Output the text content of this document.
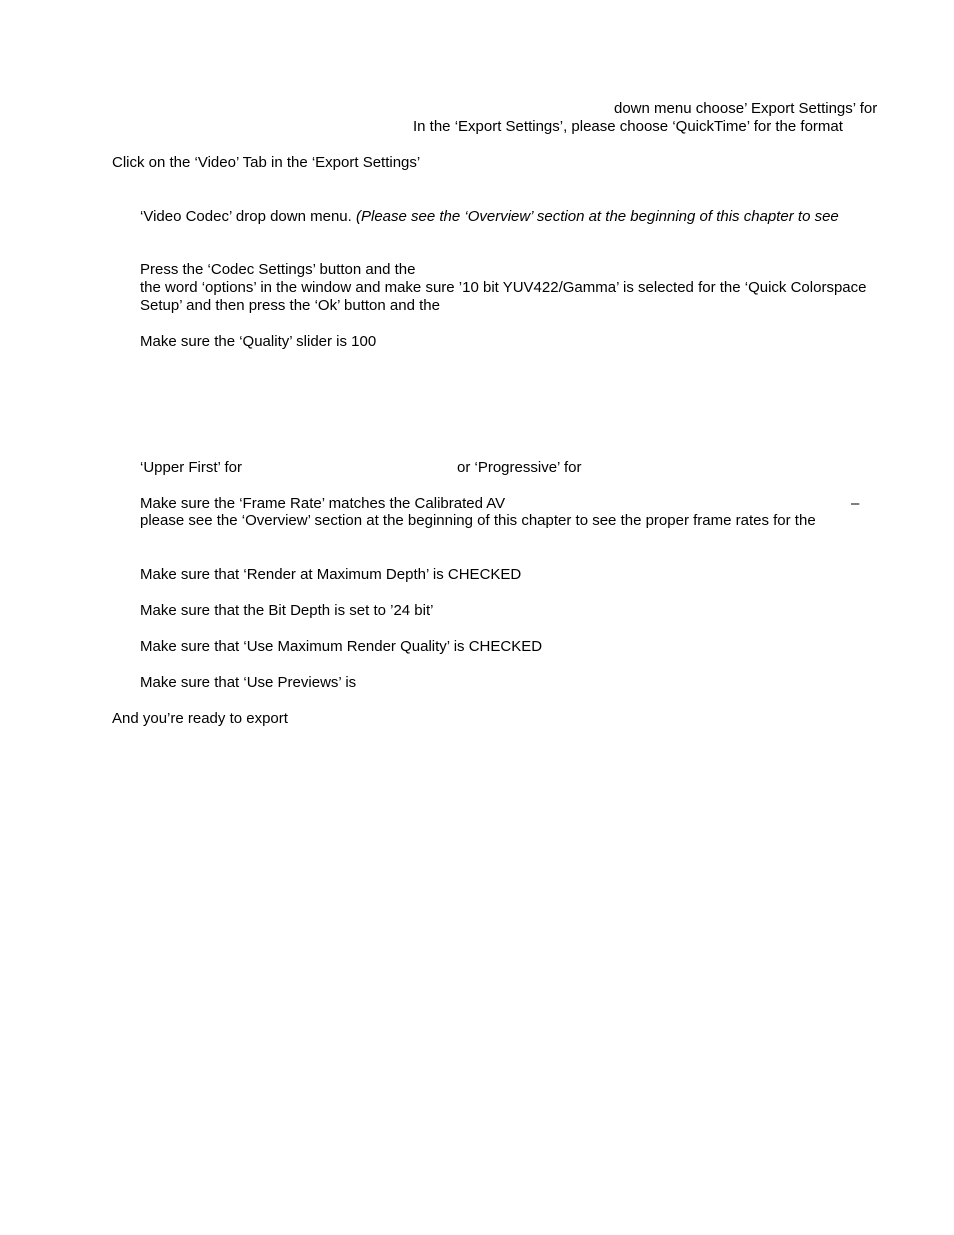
down menu choose’ Export Settings’ for
In the ‘Export Settings’, please choose ‘QuickTime’ for the format
Click on the ‘Video’ Tab in the ‘Export Settings’
‘Video Codec’ drop down menu. (Please see the ‘Overview’ section at the beginning of this chapter to see
Press the ‘Codec Settings’ button and the
the word ‘options’ in the window and make sure ’10 bit YUV422/Gamma’ is selected for the ‘Quick Colorspace
Setup’ and then press the ‘Ok’ button and the
Make sure the ‘Quality’ slider is 100
‘Upper First’ for	or ‘Progressive’ for
Make sure the ‘Frame Rate’ matches the Calibrated AV	–
please see the ‘Overview’ section at the beginning of this chapter to see the proper frame rates for the
Make sure that ‘Render at Maximum Depth’ is CHECKED
Make sure that the Bit Depth is set to ’24 bit’
Make sure that ‘Use Maximum Render Quality’ is CHECKED
Make sure that ‘Use Previews’ is
And you’re ready to export
